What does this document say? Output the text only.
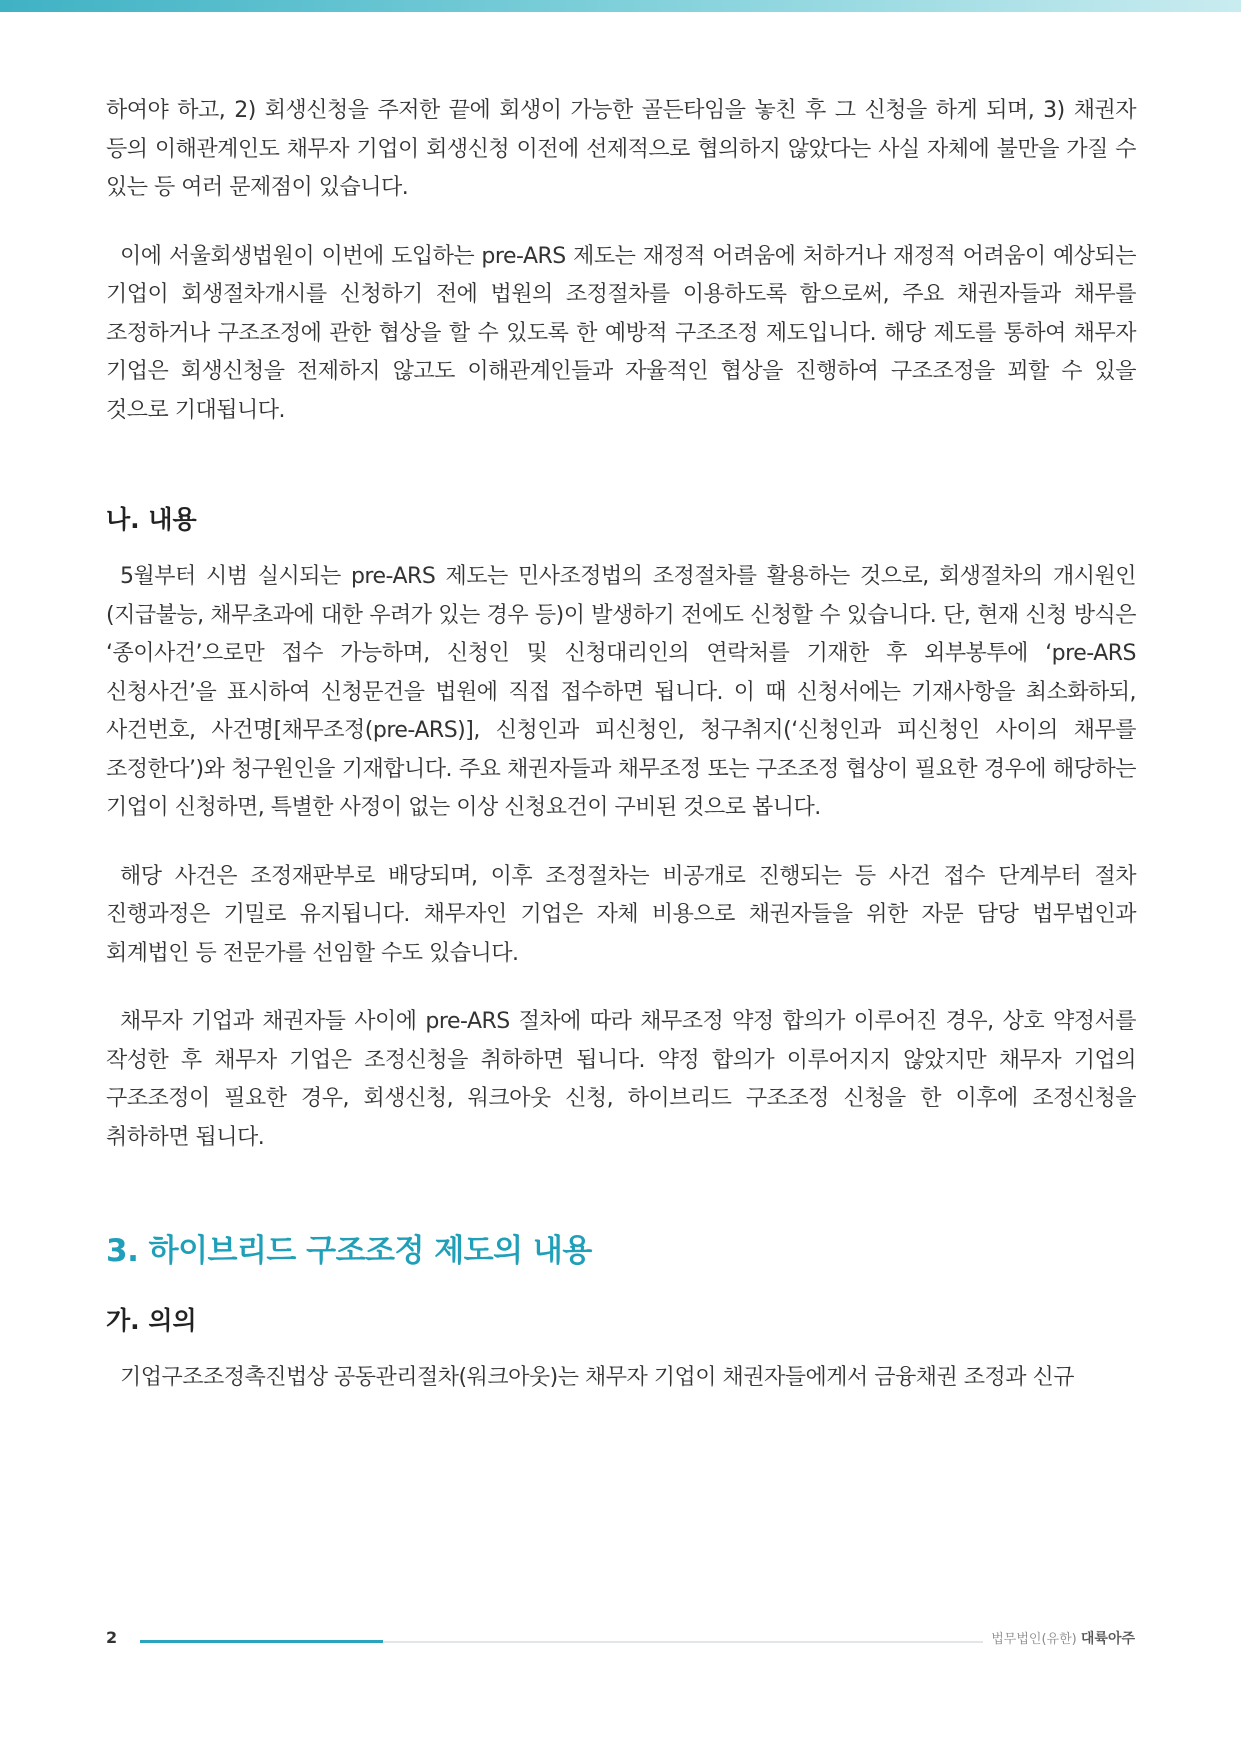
하여야 하고, 2) 회생신청을 주저한 끝에 회생이 가능한 골든타임을 놓친 후 그 신청을 하게 되며, 3) 채권자 등의 이해관계인도 채무자 기업이 회생신청 이전에 선제적으로 협의하지 않았다는 사실 자체에 불만을 가질 수 있는 등 여러 문제점이 있습니다.

이에 서울회생법원이 이번에 도입하는 pre-ARS 제도는 재정적 어려움에 처하거나 재정적 어려움이 예상되는 기업이 회생절차개시를 신청하기 전에 법원의 조정절차를 이용하도록 함으로써, 주요 채권자들과 채무를 조정하거나 구조조정에 관한 협상을 할 수 있도록 한 예방적 구조조정 제도입니다. 해당 제도를 통하여 채무자 기업은 회생신청을 전제하지 않고도 이해관계인들과 자율적인 협상을 진행하여 구조조정을 꾀할 수 있을 것으로 기대됩니다.

나. 내용

5월부터 시범 실시되는 pre-ARS 제도는 민사조정법의 조정절차를 활용하는 것으로, 회생절차의 개시원인(지급불능, 채무초과에 대한 우려가 있는 경우 등)이 발생하기 전에도 신청할 수 있습니다. 단, 현재 신청 방식은 ‘종이사건’으로만 접수 가능하며, 신청인 및 신청대리인의 연락처를 기재한 후 외부봉투에 ‘pre-ARS 신청사건’을 표시하여 신청문건을 법원에 직접 접수하면 됩니다. 이 때 신청서에는 기재사항을 최소화하되, 사건번호, 사건명[채무조정(pre-ARS)], 신청인과 피신청인, 청구취지(‘신청인과 피신청인 사이의 채무를 조정한다’)와 청구원인을 기재합니다. 주요 채권자들과 채무조정 또는 구조조정 협상이 필요한 경우에 해당하는 기업이 신청하면, 특별한 사정이 없는 이상 신청요건이 구비된 것으로 봅니다.

해당 사건은 조정재판부로 배당되며, 이후 조정절차는 비공개로 진행되는 등 사건 접수 단계부터 절차 진행과정은 기밀로 유지됩니다. 채무자인 기업은 자체 비용으로 채권자들을 위한 자문 담당 법무법인과 회계법인 등 전문가를 선임할 수도 있습니다.

채무자 기업과 채권자들 사이에 pre-ARS 절차에 따라 채무조정 약정 합의가 이루어진 경우, 상호 약정서를 작성한 후 채무자 기업은 조정신청을 취하하면 됩니다. 약정 합의가 이루어지지 않았지만 채무자 기업의 구조조정이 필요한 경우, 회생신청, 워크아웃 신청, 하이브리드 구조조정 신청을 한 이후에 조정신청을 취하하면 됩니다.

3. 하이브리드 구조조정 제도의 내용
가. 의의

기업구조조정촉진법상 공동관리절차(워크아웃)는 채무자 기업이 채권자들에게서 금융채권 조정과 신규

2	법무법인(유한) 대륙아주
